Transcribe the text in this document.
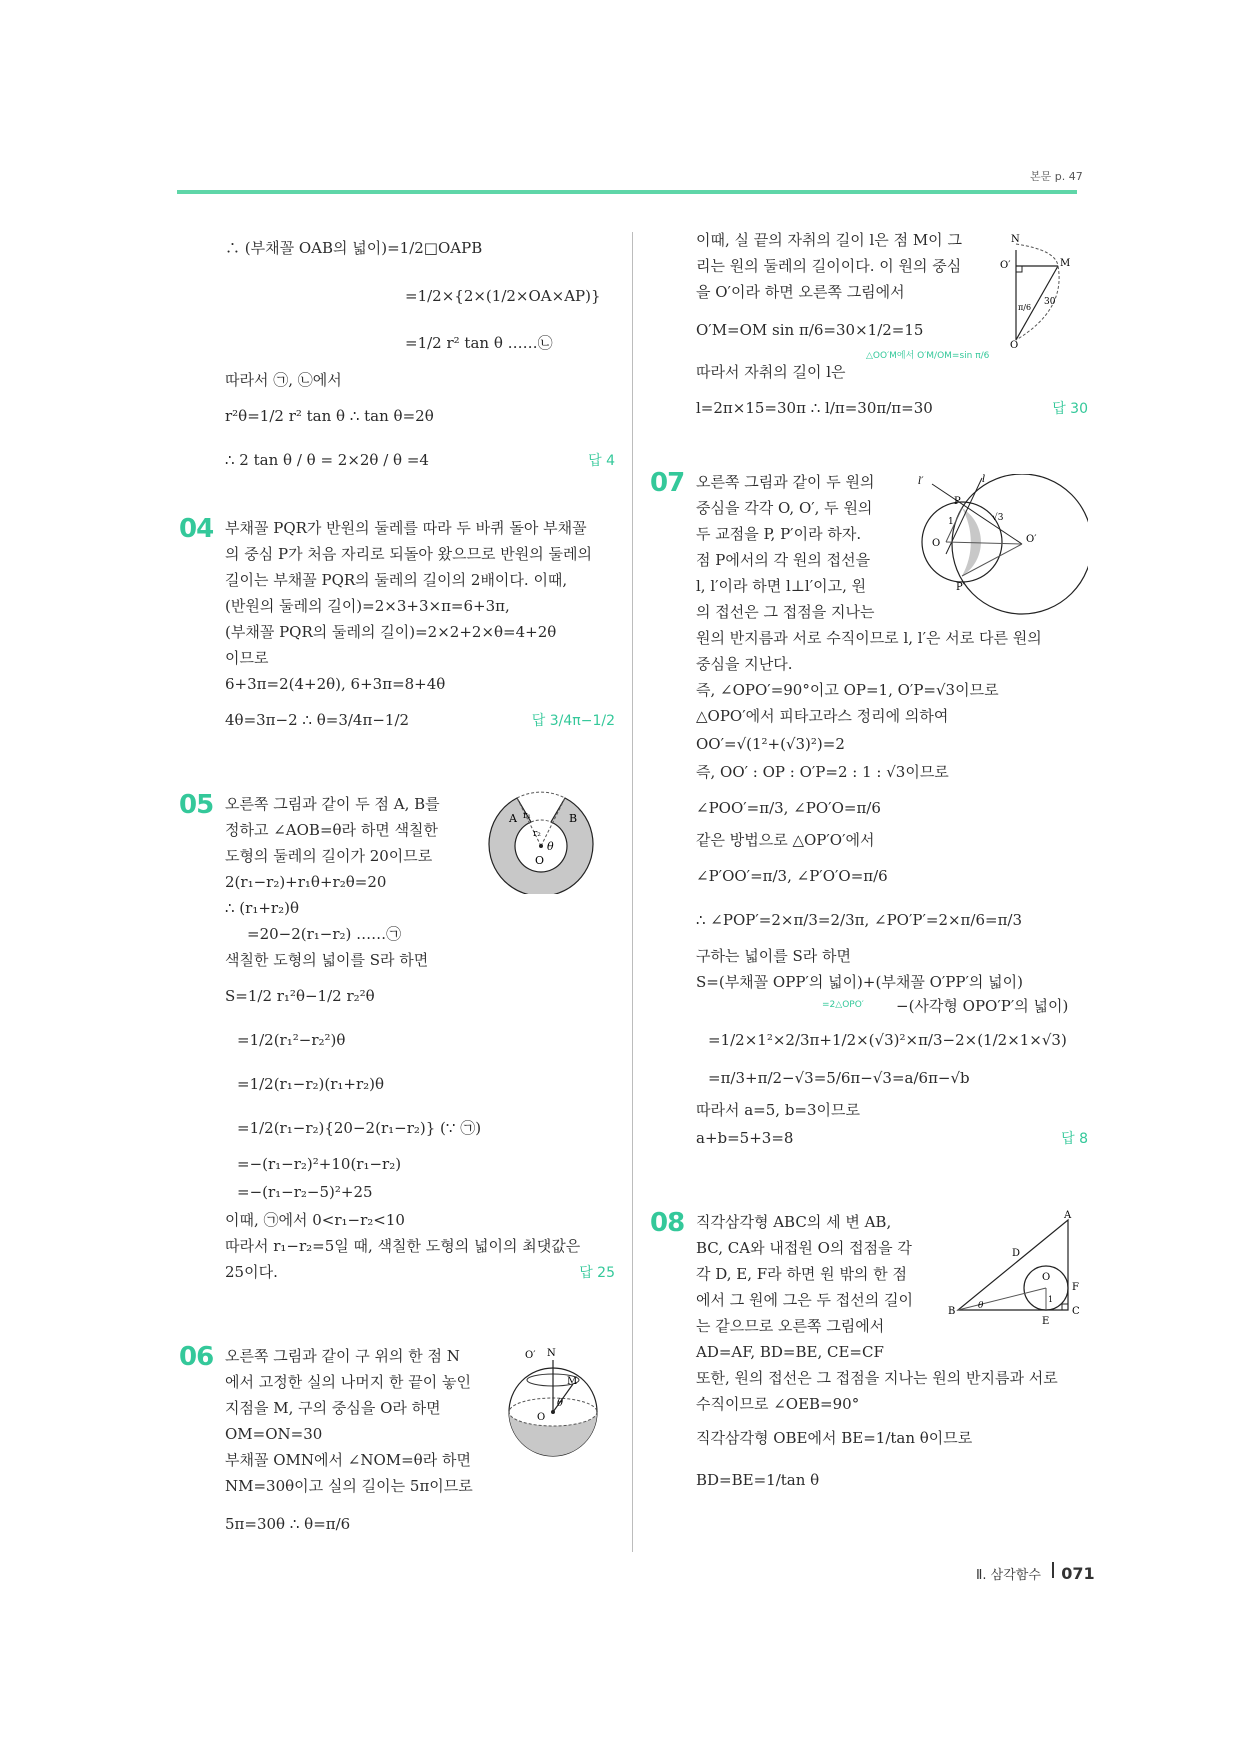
본문 p. 47
∴ (부채꼴 OAB의 넓이)=1/2□OAPB
=1/2×{2×(1/2×OA×AP)}
=1/2 r² tan θ ……㉡
따라서 ㉠, ㉡에서
r²θ=1/2 r² tan θ ∴ tan θ=2θ
∴ 2 tan θ / θ = 2×2θ / θ =4	답 4
04 부채꼴 PQR가 반원의 둘레를 따라 두 바퀴 돌아 부채꼴
의 중심 P가 처음 자리로 되돌아 왔으므로 반원의 둘레의
길이는 부채꼴 PQR의 둘레의 길이의 2배이다. 이때,
(반원의 둘레의 길이)=2×3+3×π=6+3π,
(부채꼴 PQR의 둘레의 길이)=2×2+2×θ=4+2θ
이므로
6+3π=2(4+2θ), 6+3π=8+4θ
4θ=3π−2 ∴ θ=3/4π−1/2	답 3/4π−1/2
05 오른쪽 그림과 같이 두 점 A, B를
정하고 ∠AOB=θ라 하면 색칠한
도형의 둘레의 길이가 20이므로
2(r₁−r₂)+r₁θ+r₂θ=20
∴ (r₁+r₂)θ
=20−2(r₁−r₂) ……㉠
색칠한 도형의 넓이를 S라 하면
S=1/2 r₁²θ−1/2 r₂²θ
=1/2(r₁²−r₂²)θ
=1/2(r₁−r₂)(r₁+r₂)θ
=1/2(r₁−r₂){20−2(r₁−r₂)} (∵ ㉠)
=−(r₁−r₂)²+10(r₁−r₂)
=−(r₁−r₂−5)²+25
이때, ㉠에서 0<r₁−r₂<10
따라서 r₁−r₂=5일 때, 색칠한 도형의 넓이의 최댓값은
25이다.	답 25
A	B
O
r₁
r₂
θ
06 오른쪽 그림과 같이 구 위의 한 점 N
에서 고정한 실의 나머지 한 끝이 놓인
지점을 M, 구의 중심을 O라 하면
OM=ON=30
부채꼴 OMN에서 ∠NOM=θ라 하면
NM=30θ이고 실의 길이는 5π이므로
5π=30θ ∴ θ=π/6
O′ N
M
O
θ
이때, 실 끝의 자취의 길이 l은 점 M이 그
리는 원의 둘레의 길이이다. 이 원의 중심
을 O′이라 하면 오른쪽 그림에서
O′M=OM sin π/6=30×1/2=15
△OO′M에서 O′M/OM=sin π/6
따라서 자취의 길이 l은
l=2π×15=30π ∴ l/π=30π/π=30	답 30
N
O′	M
O
π/6
30
07 오른쪽 그림과 같이 두 원의
중심을 각각 O, O′, 두 원의
두 교점을 P, P′이라 하자.
점 P에서의 각 원의 접선을
l, l′이라 하면 l⊥l′이고, 원
의 접선은 그 접점을 지나는
원의 반지름과 서로 수직이므로 l, l′은 서로 다른 원의
중심을 지난다.
즉, ∠OPO′=90°이고 OP=1, O′P=√3이므로
△OPO′에서 피타고라스 정리에 의하여
OO′=√(1²+(√3)²)=2
즉, OO′ : OP : O′P=2 : 1 : √3이므로
∠POO′=π/3, ∠PO′O=π/6
같은 방법으로 △OP′O′에서
∠P′OO′=π/3, ∠P′O′O=π/6
∴ ∠POP′=2×π/3=2/3π, ∠PO′P′=2×π/6=π/3
구하는 넓이를 S라 하면
S=(부채꼴 OPP′의 넓이)+(부채꼴 O′PP′의 넓이)
=2△OPO′ −(사각형 OPO′P′의 넓이)
=1/2×1²×2/3π+1/2×(√3)²×π/3−2×(1/2×1×√3)
=π/3+π/2−√3=5/6π−√3=a/6π−√b
따라서 a=5, b=3이므로
a+b=5+3=8	답 8
l′	l
P
P′
O	O′
1	√3
08 직각삼각형 ABC의 세 변 AB,
BC, CA와 내접원 O의 접점을 각
각 D, E, F라 하면 원 밖의 한 점
에서 그 원에 그은 두 접선의 길이
는 같으므로 오른쪽 그림에서
AD=AF, BD=BE, CE=CF
또한, 원의 접선은 그 접점을 지나는 원의 반지름과 서로
수직이므로 ∠OEB=90°
직각삼각형 OBE에서 BE=1/tan θ이므로
BD=BE=1/tan θ
A
D
O
F
B
E
C
θ
1
Ⅱ. 삼각함수 071
